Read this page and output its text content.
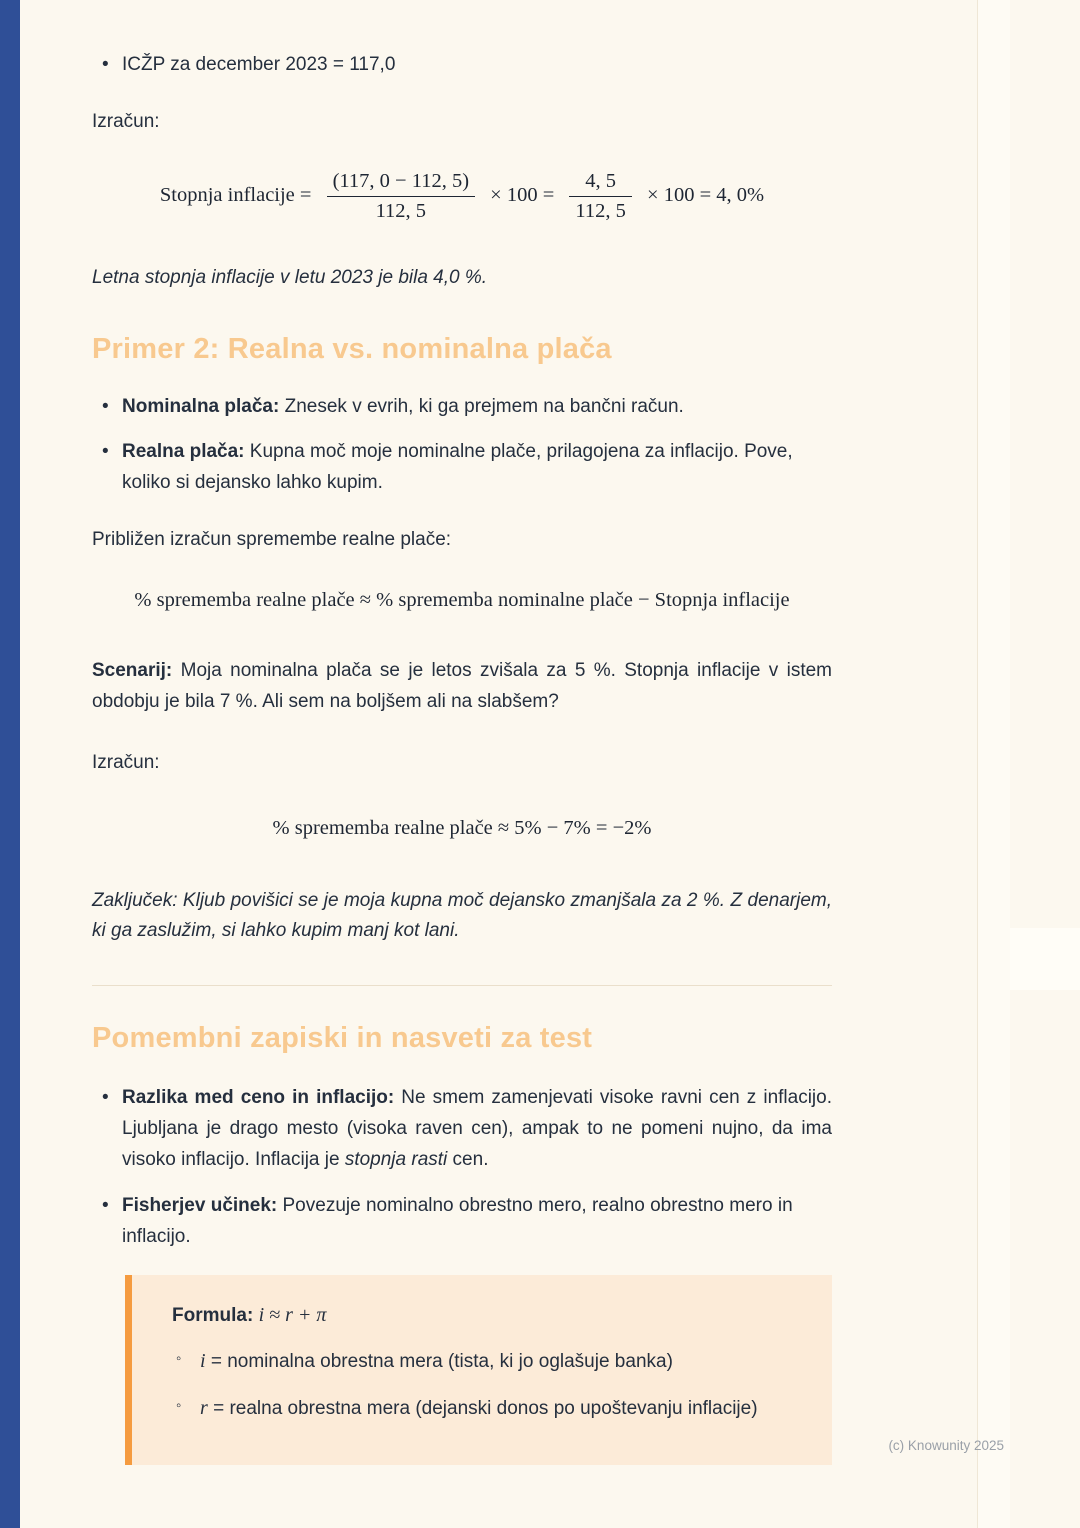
(c) Knowunity 2025
• ICŽP za december 2023 = 117,0
Izračun:
Stopnja inflacije = $\frac{(117, 0 - 112, 5)}{112, 5} \times 100 = \frac{4, 5}{112, 5} \times 100 = 4$, 0%
Letna stopnja inflacije v letu 2023 je bila 4,0 %.
Primer 2: Realna vs. nominalna plača
• Nominalna plača: Znesek v evrih, ki ga prejmem na bančni račun.
• Realna plača: Kupna moč moje nominalne plače, prilagojena za inflacijo. Pove, koliko si dejansko lahko kupim.
Približen izračun spremembe realne plače:
% sprememba realne plače ≈ % sprememba nominalne plače − Stopnja inflacije
Scenarij: Moja nominalna plača se je letos zvišala za 5 %. Stopnja inflacije v istem obdobju je bila 7 %. Ali sem na boljšem ali na slabšem?
Izračun:
% sprememba realne plače ≈ 5% − 7% = −2%
Zaključek: Kljub povišici se je moja kupna moč dejansko zmanjšala za 2 %. Z denarjem, ki ga zaslužim, si lahko kupim manj kot lani.
Pomembni zapiski in nasveti za test
• Razlika med ceno in inflacijo: Ne smem zamenjevati visoke ravni cen z inflacijo. Ljubljana je drago mesto (visoka raven cen), ampak to ne pomeni nujno, da ima visoko inflacijo. Inflacija je stopnja rasti cen.
• Fisherjev učinek: Povezuje nominalno obrestno mero, realno obrestno mero in inflacijo.
Formula: i ≈ r + π
◦ i = nominalna obrestna mera (tista, ki jo oglašuje banka)
◦ r = realna obrestna mera (dejanski donos po upoštevanju inflacije)
